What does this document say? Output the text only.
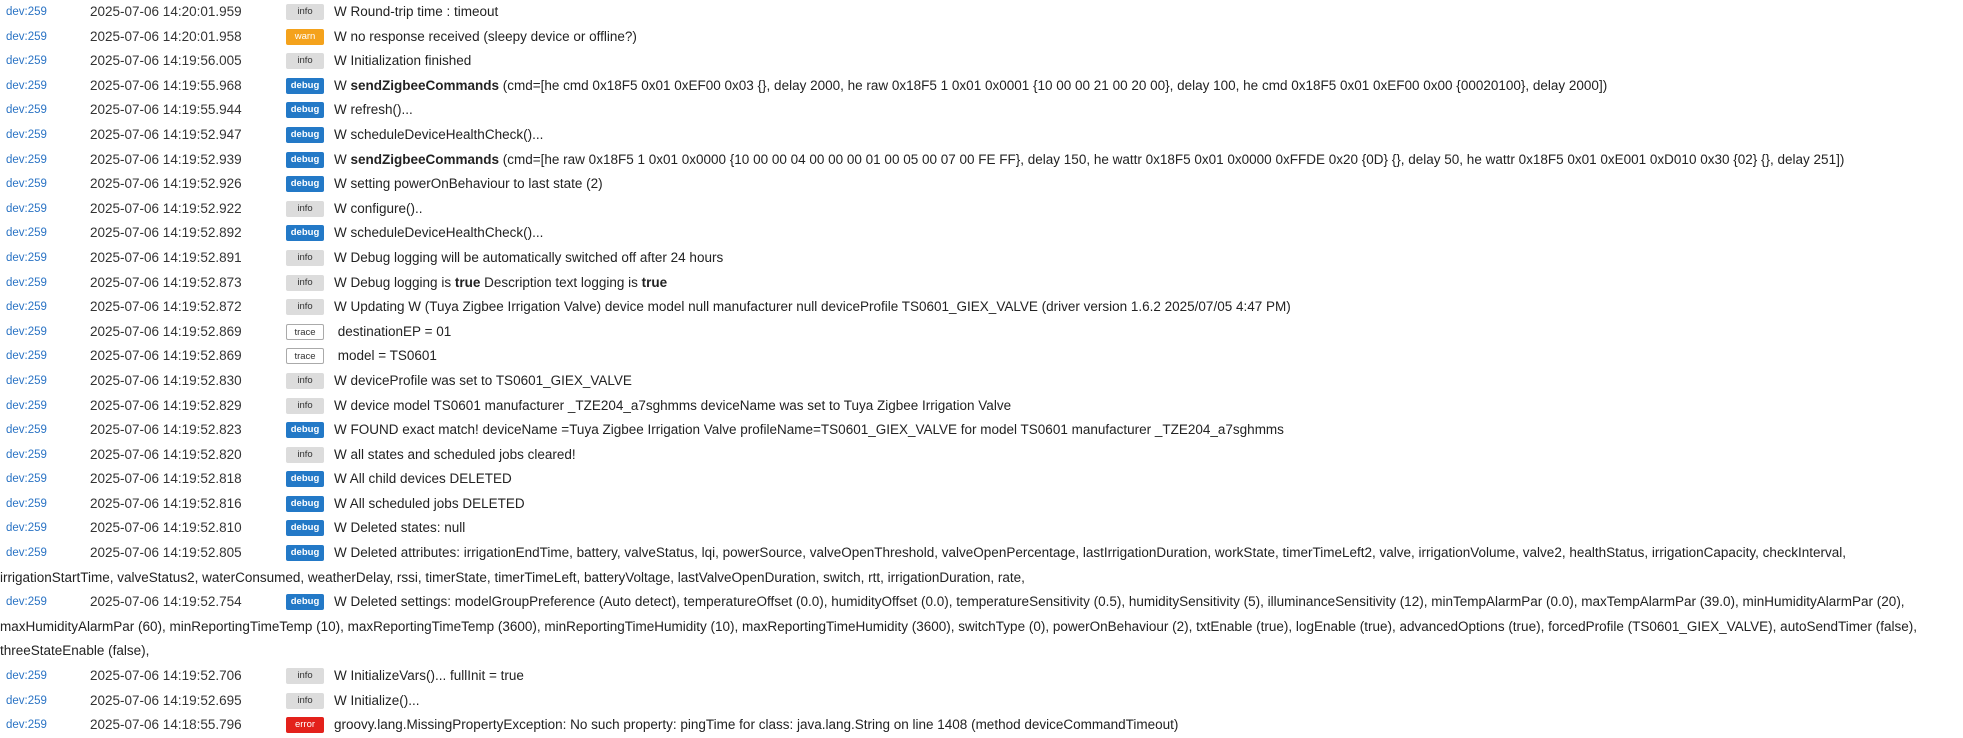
dev:259	2025-07-06 14:20:01.959	info W Round-trip time : timeout
dev:259	2025-07-06 14:20:01.958	warn W no response received (sleepy device or offline?)
dev:259	2025-07-06 14:19:56.005	info W Initialization finished
dev:259	2025-07-06 14:19:55.968	debug W sendZigbeeCommands (cmd=[he cmd 0x18F5 0x01 0xEF00 0x03 {}, delay 2000, he raw 0x18F5 1 0x01 0x0001 {10 00 00 21 00 20 00}, delay 100, he cmd 0x18F5 0x01 0xEF00 0x00 {00020100}, delay 2000])
dev:259	2025-07-06 14:19:55.944	debug W refresh()...
dev:259	2025-07-06 14:19:52.947	debug W scheduleDeviceHealthCheck()...
dev:259	2025-07-06 14:19:52.939	debug W sendZigbeeCommands (cmd=[he raw 0x18F5 1 0x01 0x0000 {10 00 00 04 00 00 00 01 00 05 00 07 00 FE FF}, delay 150, he wattr 0x18F5 0x01 0x0000 0xFFDE 0x20 {0D} {}, delay 50, he wattr 0x18F5 0x01 0xE001 0xD010 0x30 {02} {}, delay 251])
dev:259	2025-07-06 14:19:52.926	debug W setting powerOnBehaviour to last state (2)
dev:259	2025-07-06 14:19:52.922	info W configure()..
dev:259	2025-07-06 14:19:52.892	debug W scheduleDeviceHealthCheck()...
dev:259	2025-07-06 14:19:52.891	info W Debug logging will be automatically switched off after 24 hours
dev:259	2025-07-06 14:19:52.873	info W Debug logging is true Description text logging is true
dev:259	2025-07-06 14:19:52.872	info W Updating W (Tuya Zigbee Irrigation Valve) device model null manufacturer null deviceProfile TS0601_GIEX_VALVE (driver version 1.6.2 2025/07/05 4:47 PM)
dev:259	2025-07-06 14:19:52.869	trace destinationEP = 01
dev:259	2025-07-06 14:19:52.869	trace model = TS0601
dev:259	2025-07-06 14:19:52.830	info W deviceProfile was set to TS0601_GIEX_VALVE
dev:259	2025-07-06 14:19:52.829	info W device model TS0601 manufacturer _TZE204_a7sghmms deviceName was set to Tuya Zigbee Irrigation Valve
dev:259	2025-07-06 14:19:52.823	debug W FOUND exact match! deviceName =Tuya Zigbee Irrigation Valve profileName=TS0601_GIEX_VALVE for model TS0601 manufacturer _TZE204_a7sghmms
dev:259	2025-07-06 14:19:52.820	info W all states and scheduled jobs cleared!
dev:259	2025-07-06 14:19:52.818	debug W All child devices DELETED
dev:259	2025-07-06 14:19:52.816	debug W All scheduled jobs DELETED
dev:259	2025-07-06 14:19:52.810	debug W Deleted states: null
dev:259	2025-07-06 14:19:52.805	debug W Deleted attributes: irrigationEndTime, battery, valveStatus, lqi, powerSource, valveOpenThreshold, valveOpenPercentage, lastIrrigationDuration, workState, timerTimeLeft2, valve, irrigationVolume, valve2, healthStatus, irrigationCapacity, checkInterval, irrigationStartTime, valveStatus2, waterConsumed, weatherDelay, rssi, timerState, timerTimeLeft, batteryVoltage, lastValveOpenDuration, switch, rtt, irrigationDuration, rate,
dev:259	2025-07-06 14:19:52.754	debug W Deleted settings: modelGroupPreference (Auto detect), temperatureOffset (0.0), humidityOffset (0.0), temperatureSensitivity (0.5), humiditySensitivity (5), illuminanceSensitivity (12), minTempAlarmPar (0.0), maxTempAlarmPar (39.0), minHumidityAlarmPar (20), maxHumidityAlarmPar (60), minReportingTimeTemp (10), maxReportingTimeTemp (3600), minReportingTimeHumidity (10), maxReportingTimeHumidity (3600), switchType (0), powerOnBehaviour (2), txtEnable (true), logEnable (true), advancedOptions (true), forcedProfile (TS0601_GIEX_VALVE), autoSendTimer (false), threeStateEnable (false),
dev:259	2025-07-06 14:19:52.706	info W InitializeVars()... fullInit = true
dev:259	2025-07-06 14:19:52.695	info W Initialize()...
dev:259	2025-07-06 14:18:55.796	error groovy.lang.MissingPropertyException: No such property: pingTime for class: java.lang.String on line 1408 (method deviceCommandTimeout)
